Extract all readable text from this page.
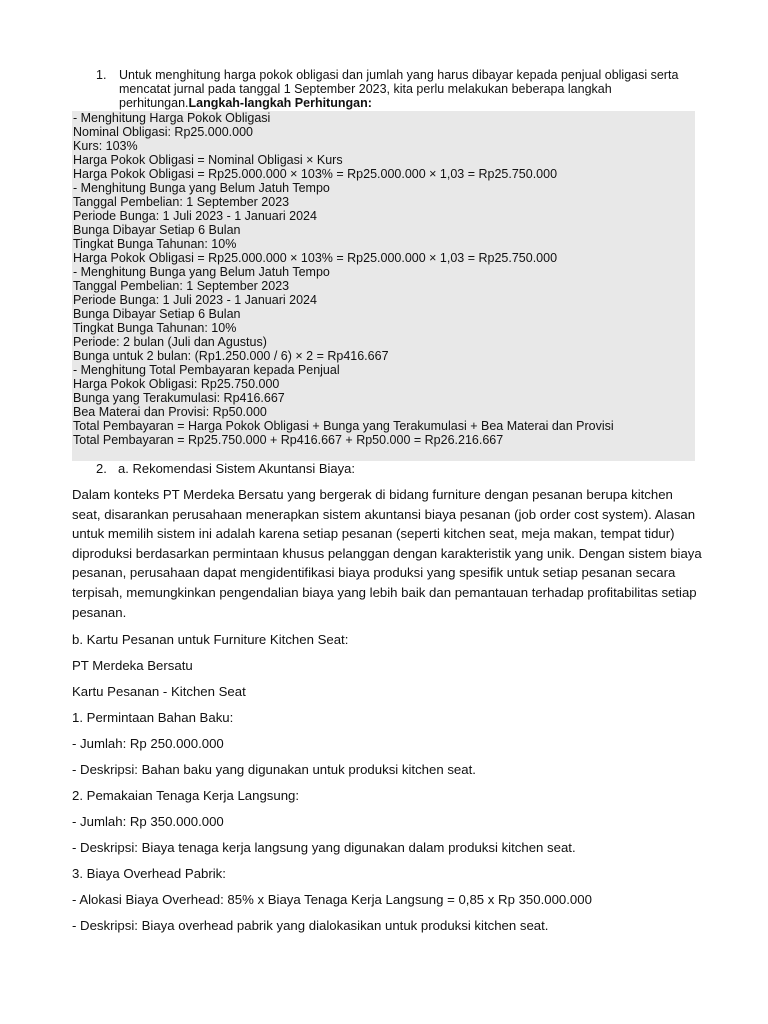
1.	Untuk menghitung harga pokok obligasi dan jumlah yang harus dibayar kepada penjual obligasi serta mencatat jurnal pada tanggal 1 September 2023, kita perlu melakukan beberapa langkah perhitungan.Langkah-langkah Perhitungan:
- Menghitung Harga Pokok Obligasi
Nominal Obligasi: Rp25.000.000
Kurs: 103%
Harga Pokok Obligasi = Nominal Obligasi × Kurs
Harga Pokok Obligasi = Rp25.000.000 × 103% = Rp25.000.000 × 1,03 = Rp25.750.000
- Menghitung Bunga yang Belum Jatuh Tempo
Tanggal Pembelian: 1 September 2023
Periode Bunga: 1 Juli 2023 - 1 Januari 2024
Bunga Dibayar Setiap 6 Bulan
Tingkat Bunga Tahunan: 10%
Harga Pokok Obligasi = Rp25.000.000 × 103% = Rp25.000.000 × 1,03 = Rp25.750.000
- Menghitung Bunga yang Belum Jatuh Tempo
Tanggal Pembelian: 1 September 2023
Periode Bunga: 1 Juli 2023 - 1 Januari 2024
Bunga Dibayar Setiap 6 Bulan
Tingkat Bunga Tahunan: 10%
Periode: 2 bulan (Juli dan Agustus)
Bunga untuk 2 bulan: (Rp1.250.000 / 6) × 2 = Rp416.667
- Menghitung Total Pembayaran kepada Penjual
Harga Pokok Obligasi: Rp25.750.000
Bunga yang Terakumulasi: Rp416.667
Bea Materai dan Provisi: Rp50.000
Total Pembayaran = Harga Pokok Obligasi + Bunga yang Terakumulasi + Bea Materai dan Provisi
Total Pembayaran = Rp25.750.000 + Rp416.667 + Rp50.000 = Rp26.216.667
2. a. Rekomendasi Sistem Akuntansi Biaya:

Dalam konteks PT Merdeka Bersatu yang bergerak di bidang furniture dengan pesanan berupa kitchen seat, disarankan perusahaan menerapkan sistem akuntansi biaya pesanan (job order cost system). Alasan untuk memilih sistem ini adalah karena setiap pesanan (seperti kitchen seat, meja makan, tempat tidur) diproduksi berdasarkan permintaan khusus pelanggan dengan karakteristik yang unik. Dengan sistem biaya pesanan, perusahaan dapat mengidentifikasi biaya produksi yang spesifik untuk setiap pesanan secara terpisah, memungkinkan pengendalian biaya yang lebih baik dan pemantauan terhadap profitabilitas setiap pesanan.

b. Kartu Pesanan untuk Furniture Kitchen Seat:

PT Merdeka Bersatu

Kartu Pesanan - Kitchen Seat

1. Permintaan Bahan Baku:

- Jumlah: Rp 250.000.000

- Deskripsi: Bahan baku yang digunakan untuk produksi kitchen seat.

2. Pemakaian Tenaga Kerja Langsung:

- Jumlah: Rp 350.000.000

- Deskripsi: Biaya tenaga kerja langsung yang digunakan dalam produksi kitchen seat.

3. Biaya Overhead Pabrik:

- Alokasi Biaya Overhead: 85% x Biaya Tenaga Kerja Langsung = 0,85 x Rp 350.000.000

- Deskripsi: Biaya overhead pabrik yang dialokasikan untuk produksi kitchen seat.
